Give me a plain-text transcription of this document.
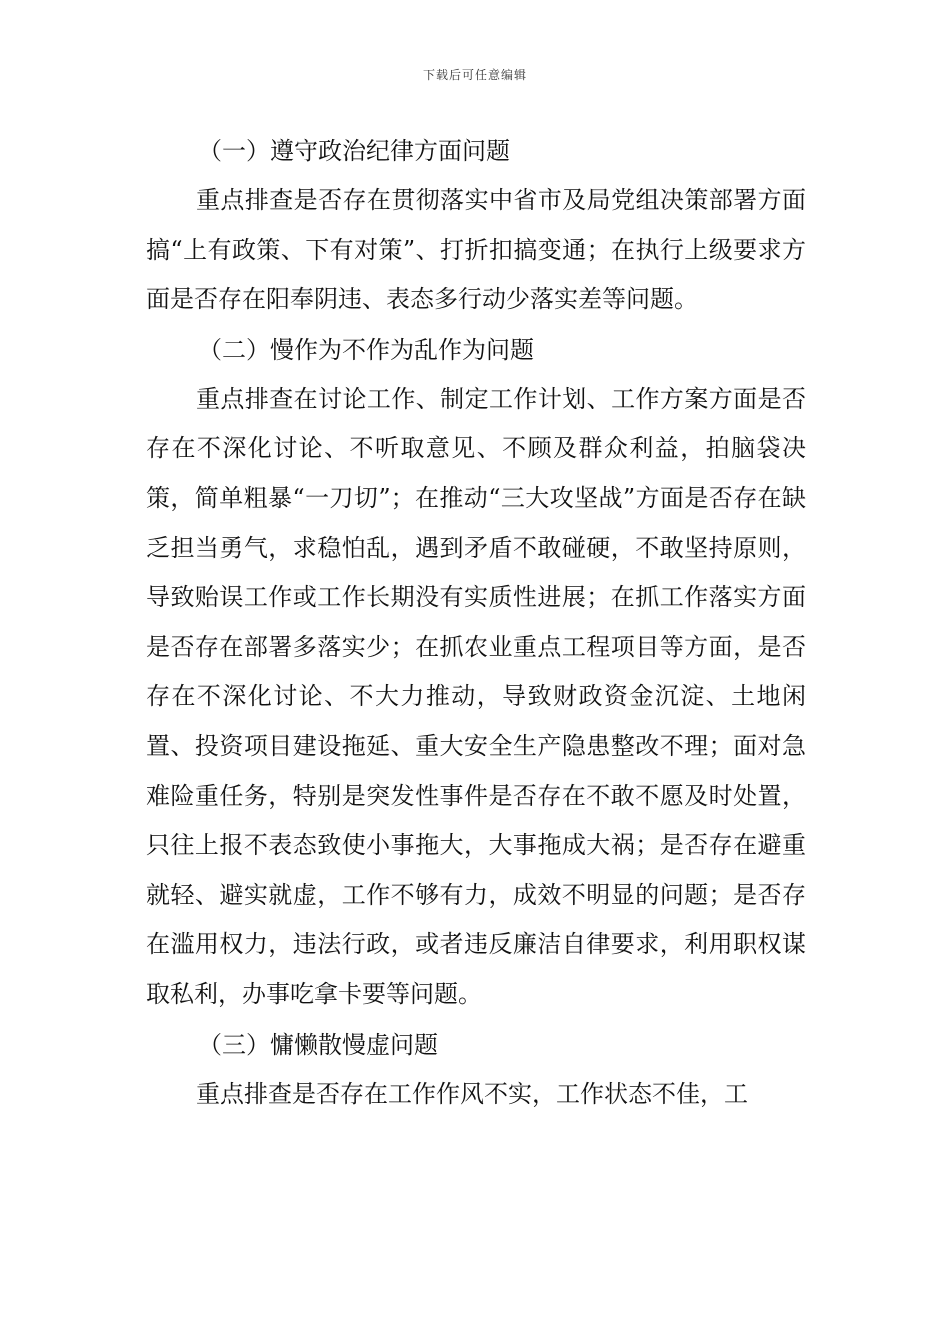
下载后可任意编辑
（一）遵守政治纪律方面问题

重点排查是否存在贯彻落实中省市及局党组决策部署方面搞“上有政策、下有对策”、打折扣搞变通；在执行上级要求方面是否存在阳奉阴违、表态多行动少落实差等问题。

（二）慢作为不作为乱作为问题

重点排查在讨论工作、制定工作计划、工作方案方面是否存在不深化讨论、不听取意见、不顾及群众利益，拍脑袋决策，简单粗暴“一刀切”；在推动“三大攻坚战”方面是否存在缺乏担当勇气，求稳怕乱，遇到矛盾不敢碰硬，不敢坚持原则，导致贻误工作或工作长期没有实质性进展；在抓工作落实方面是否存在部署多落实少；在抓农业重点工程项目等方面，是否存在不深化讨论、不大力推动，导致财政资金沉淀、土地闲置、投资项目建设拖延、重大安全生产隐患整改不理；面对急难险重任务，特别是突发性事件是否存在不敢不愿及时处置，只往上报不表态致使小事拖大，大事拖成大祸；是否存在避重就轻、避实就虚，工作不够有力，成效不明显的问题；是否存在滥用权力，违法行政，或者违反廉洁自律要求，利用职权谋取私利，办事吃拿卡要等问题。

（三）慵懒散慢虚问题

重点排查是否存在工作作风不实，工作状态不佳，工
